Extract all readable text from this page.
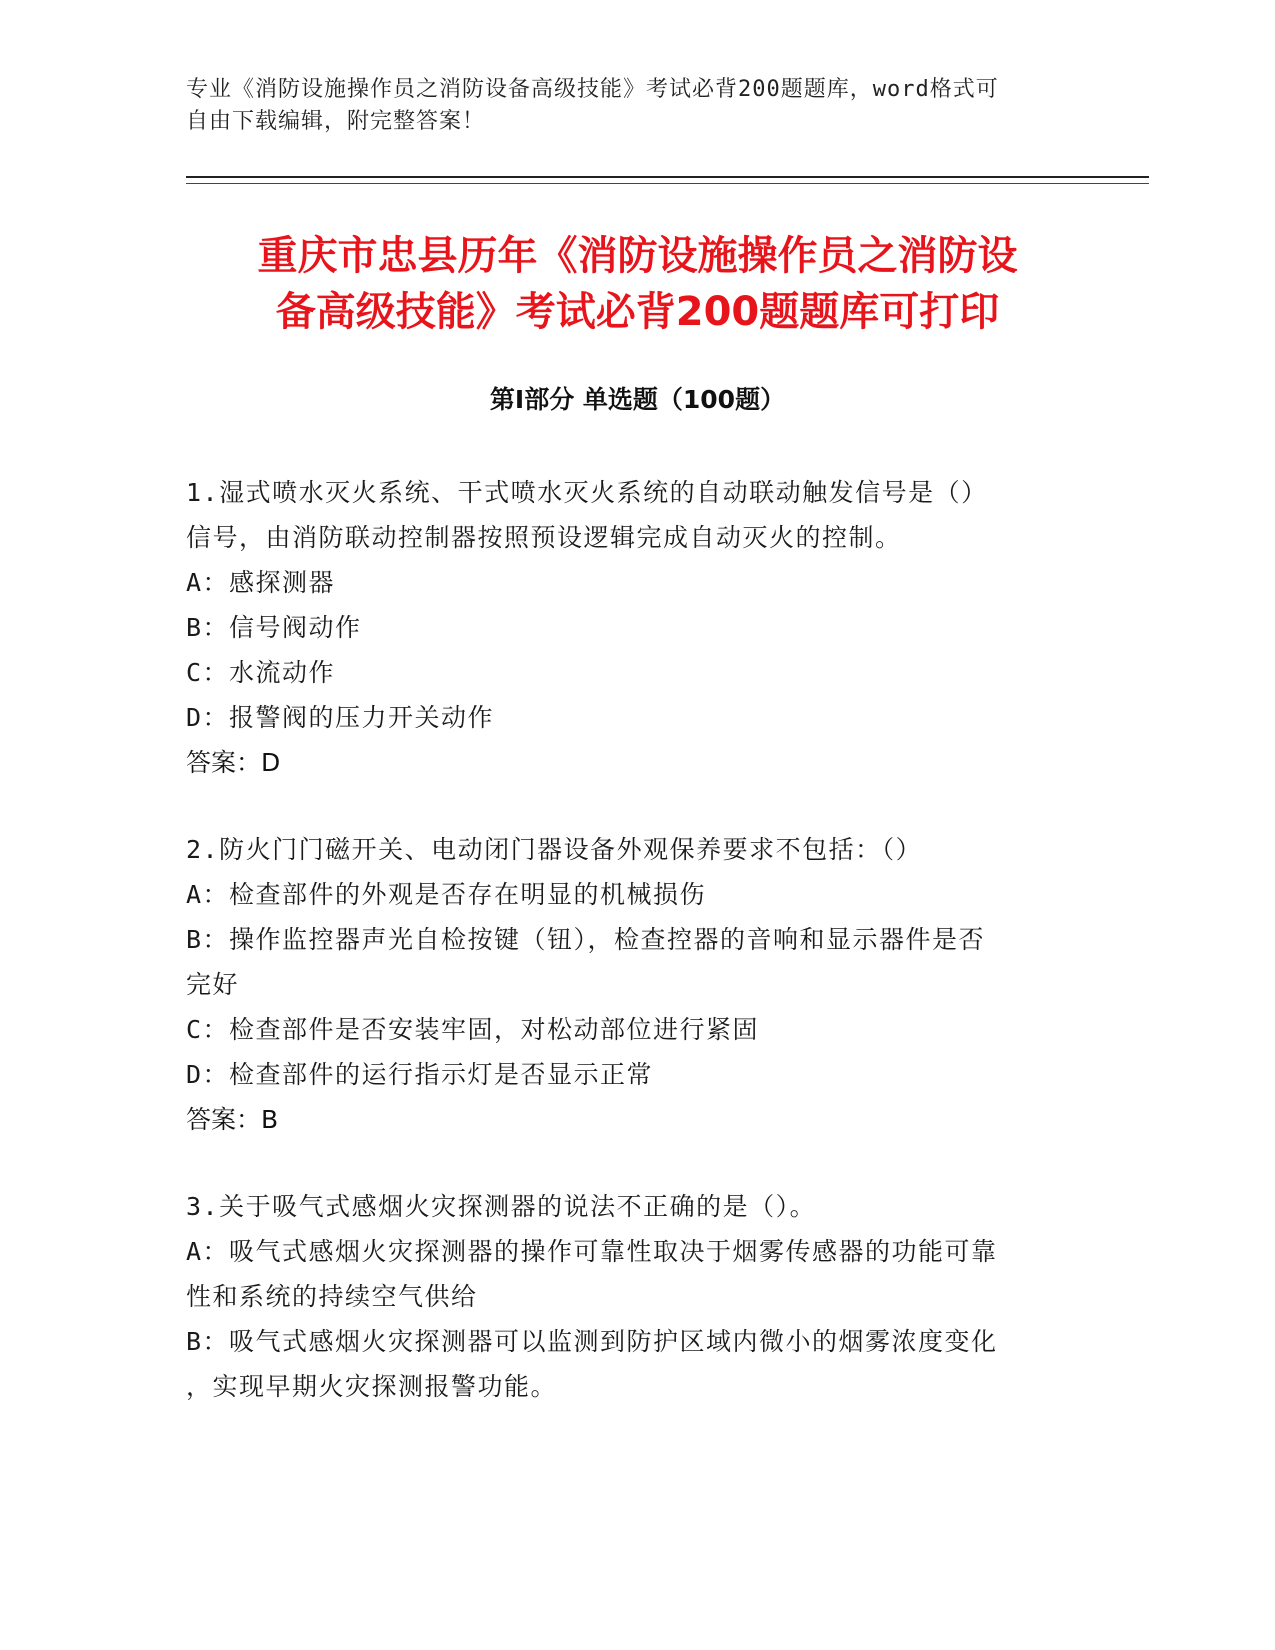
专业《消防设施操作员之消防设备高级技能》考试必背200题题库，word格式可
自由下载编辑，附完整答案！
重庆市忠县历年《消防设施操作员之消防设
备高级技能》考试必背200题题库可打印
第Ⅰ部分 单选题（100题）

1.湿式喷水灭火系统、干式喷水灭火系统的自动联动触发信号是（）

信号，由消防联动控制器按照预设逻辑完成自动灭火的控制。

A：感探测器

B：信号阀动作

C：水流动作

D：报警阀的压力开关动作

答案：D

2.防火门门磁开关、电动闭门器设备外观保养要求不包括：（）

A：检查部件的外观是否存在明显的机械损伤

B：操作监控器声光自检按键（钮），检查控器的音响和显示器件是否

完好

C：检查部件是否安装牢固，对松动部位进行紧固

D：检查部件的运行指示灯是否显示正常

答案：B

3.关于吸气式感烟火灾探测器的说法不正确的是（）。

A：吸气式感烟火灾探测器的操作可靠性取决于烟雾传感器的功能可靠

性和系统的持续空气供给

B：吸气式感烟火灾探测器可以监测到防护区域内微小的烟雾浓度变化

，实现早期火灾探测报警功能。
